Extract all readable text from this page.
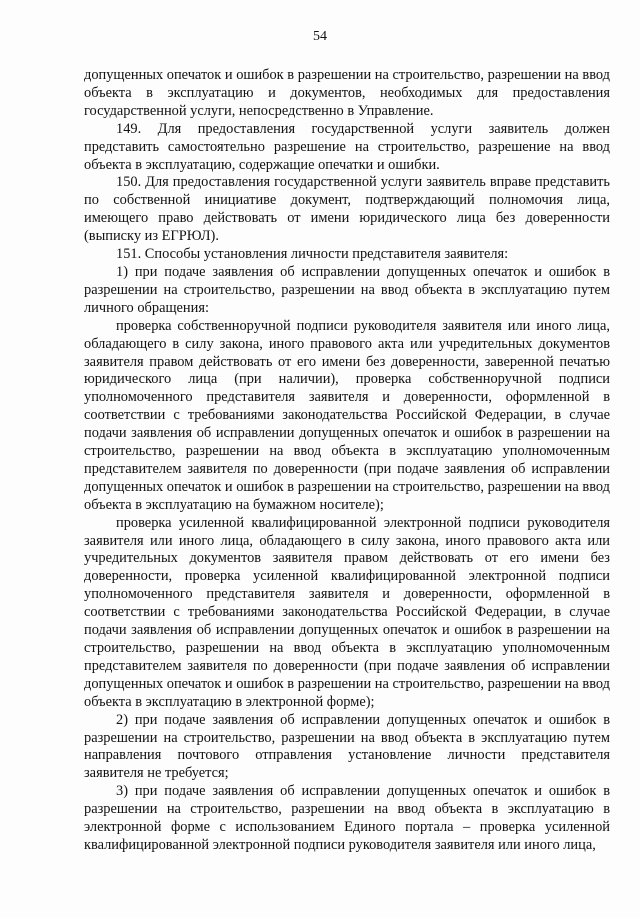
54

допущенных опечаток и ошибок в разрешении на строительство, разрешении на ввод объекта в эксплуатацию и документов, необходимых для предоставления государственной услуги, непосредственно в Управление.

149. Для предоставления государственной услуги заявитель должен представить самостоятельно разрешение на строительство, разрешение на ввод объекта в эксплуатацию, содержащие опечатки и ошибки.

150. Для предоставления государственной услуги заявитель вправе представить по собственной инициативе документ, подтверждающий полномочия лица, имеющего право действовать от имени юридического лица без доверенности (выписку из ЕГРЮЛ).

151. Способы установления личности представителя заявителя:

1) при подаче заявления об исправлении допущенных опечаток и ошибок в разрешении на строительство, разрешении на ввод объекта в эксплуатацию путем личного обращения:

проверка собственноручной подписи руководителя заявителя или иного лица, обладающего в силу закона, иного правового акта или учредительных документов заявителя правом действовать от его имени без доверенности, заверенной печатью юридического лица (при наличии), проверка собственноручной подписи уполномоченного представителя заявителя и доверенности, оформленной в соответствии с требованиями законодательства Российской Федерации, в случае подачи заявления об исправлении допущенных опечаток и ошибок в разрешении на строительство, разрешении на ввод объекта в эксплуатацию уполномоченным представителем заявителя по доверенности (при подаче заявления об исправлении допущенных опечаток и ошибок в разрешении на строительство, разрешении на ввод объекта в эксплуатацию на бумажном носителе);

проверка усиленной квалифицированной электронной подписи руководителя заявителя или иного лица, обладающего в силу закона, иного правового акта или учредительных документов заявителя правом действовать от его имени без доверенности, проверка усиленной квалифицированной электронной подписи уполномоченного представителя заявителя и доверенности, оформленной в соответствии с требованиями законодательства Российской Федерации, в случае подачи заявления об исправлении допущенных опечаток и ошибок в разрешении на строительство, разрешении на ввод объекта в эксплуатацию уполномоченным представителем заявителя по доверенности (при подаче заявления об исправлении допущенных опечаток и ошибок в разрешении на строительство, разрешении на ввод объекта в эксплуатацию в электронной форме);

2) при подаче заявления об исправлении допущенных опечаток и ошибок в разрешении на строительство, разрешении на ввод объекта в эксплуатацию путем направления почтового отправления установление личности представителя заявителя не требуется;

3) при подаче заявления об исправлении допущенных опечаток и ошибок в разрешении на строительство, разрешении на ввод объекта в эксплуатацию в электронной форме с использованием Единого портала – проверка усиленной квалифицированной электронной подписи руководителя заявителя или иного лица,
